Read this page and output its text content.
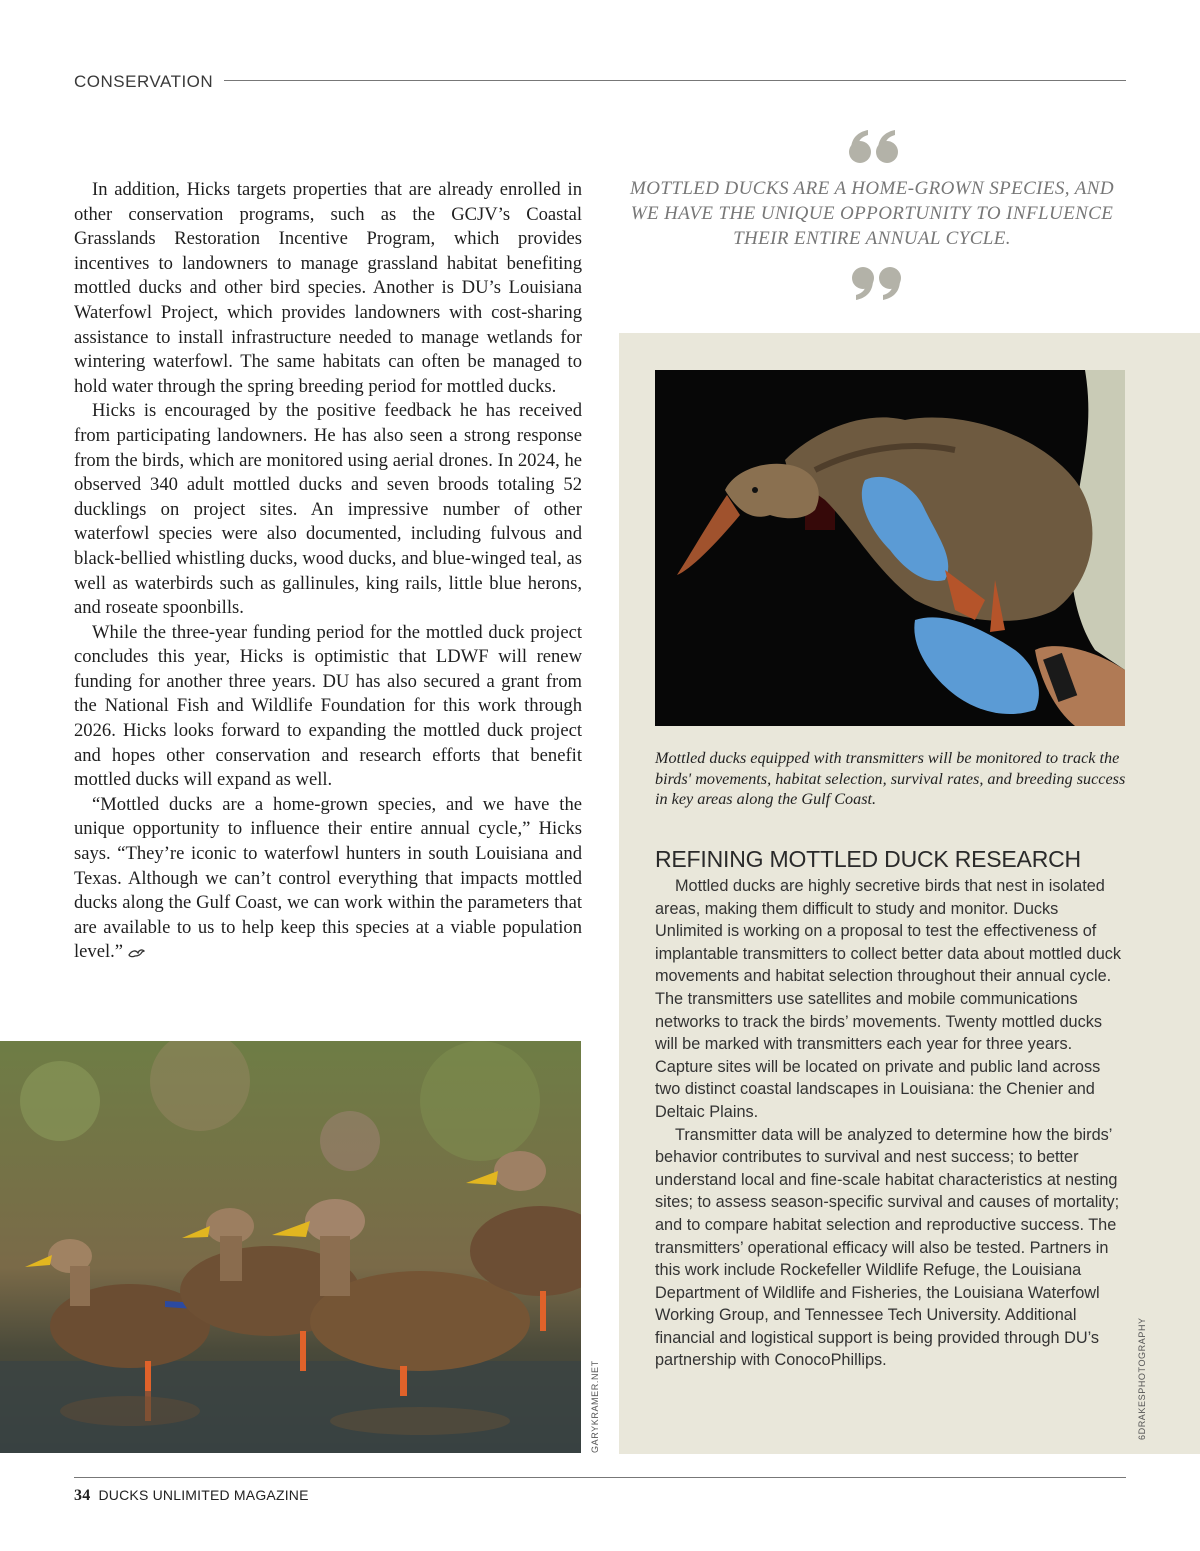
CONSERVATION

In addition, Hicks targets properties that are already enrolled in other conservation programs, such as the GCJV’s Coastal Grasslands Restoration Incentive Program, which provides incentives to landowners to manage grassland habitat benefiting mottled ducks and other bird species. Another is DU’s Louisiana Waterfowl Project, which provides landowners with cost-sharing assistance to install infrastructure needed to manage wetlands for wintering waterfowl. The same habitats can often be managed to hold water through the spring breeding period for mottled ducks.

Hicks is encouraged by the positive feedback he has received from participating landowners. He has also seen a strong response from the birds, which are monitored using aerial drones. In 2024, he observed 340 adult mottled ducks and seven broods totaling 52 ducklings on project sites. An impressive number of other waterfowl species were also documented, including fulvous and black-bellied whistling ducks, wood ducks, and blue-winged teal, as well as waterbirds such as gallinules, king rails, little blue herons, and roseate spoonbills.

While the three-year funding period for the mottled duck project concludes this year, Hicks is optimistic that LDWF will renew funding for another three years. DU has also secured a grant from the National Fish and Wildlife Foundation for this work through 2026. Hicks looks forward to expanding the mottled duck project and hopes other conservation and research efforts that benefit mottled ducks will expand as well.

“Mottled ducks are a home-grown species, and we have the unique opportunity to influence their entire annual cycle,” Hicks says. “They’re iconic to waterfowl hunters in south Louisiana and Texas. Although we can’t control everything that impacts mottled ducks along the Gulf Coast, we can work within the parameters that are available to us to help keep this species at a viable population level.”

MOTTLED DUCKS ARE A HOME-GROWN SPECIES, AND WE HAVE THE UNIQUE OPPORTUNITY TO INFLUENCE THEIR ENTIRE ANNUAL CYCLE.
Mottled ducks equipped with transmitters will be monitored to track the birds' movements, habitat selection, survival rates, and breeding success in key areas along the Gulf Coast.
REFINING MOTTLED DUCK RESEARCH

Mottled ducks are highly secretive birds that nest in isolated areas, making them difficult to study and monitor. Ducks Unlimited is working on a proposal to test the effectiveness of implantable transmitters to collect better data about mottled duck movements and habitat selection throughout their annual cycle. The transmitters use satellites and mobile communications networks to track the birds’ movements. Twenty mottled ducks will be marked with transmitters each year for three years. Capture sites will be located on private and public land across two distinct coastal landscapes in Louisiana: the Chenier and Deltaic Plains.

Transmitter data will be analyzed to determine how the birds’ behavior contributes to survival and nest success; to better understand local and fine-scale habitat characteristics at nesting sites; to assess season-specific survival and causes of mortality; and to compare habitat selection and reproductive success. The transmitters’ operational efficacy will also be tested. Partners in this work include Rockefeller Wildlife Refuge, the Louisiana Department of Wildlife and Fisheries, the Louisiana Waterfowl Working Group, and Tennessee Tech University. Additional financial and logistical support is being provided through DU’s partnership with ConocoPhillips.	6DRAKESPHOTOGRAPHY
GARYKRAMER.NET
34 DUCKS UNLIMITED MAGAZINE
